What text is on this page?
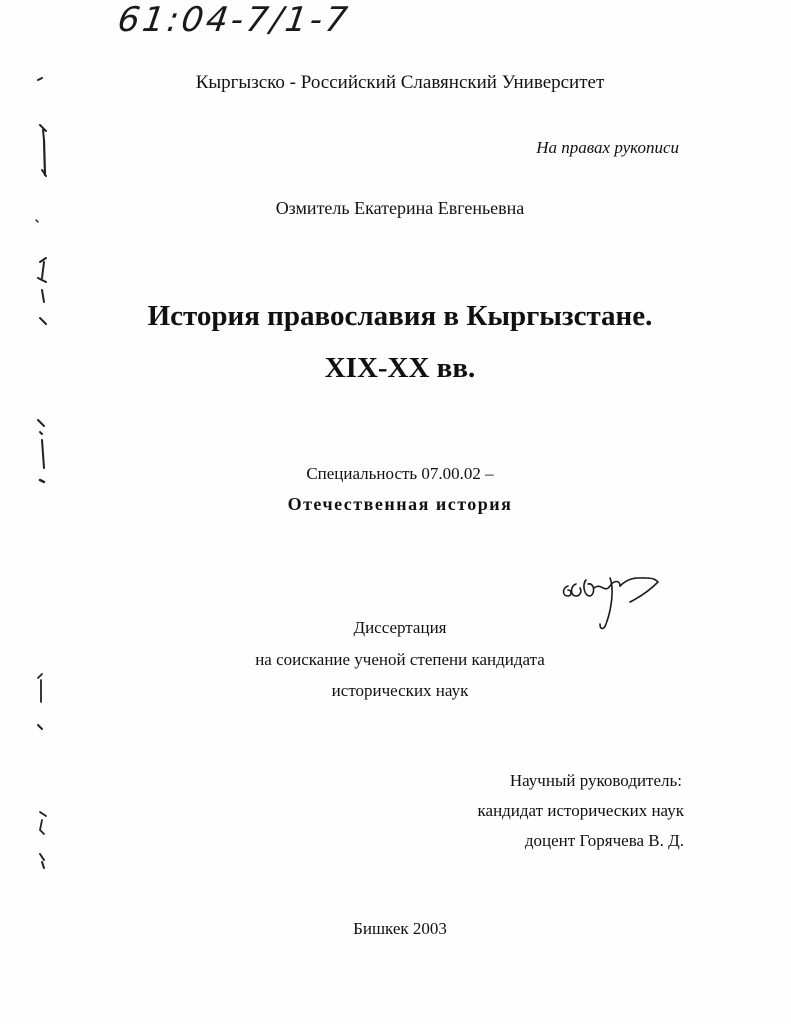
61:04-7/1-7
Кыргызско - Российский Славянский Университет
На правах рукописи
Озмитель Екатерина Евгеньевна
История православия в Кыргызстане.
XIX-XX вв.
Специальность 07.00.02 –
Отечественная история
Диссертация
на соискание ученой степени кандидата
исторических наук
Научный руководитель:
кандидат исторических наук
доцент Горячева В. Д.
Бишкек 2003
